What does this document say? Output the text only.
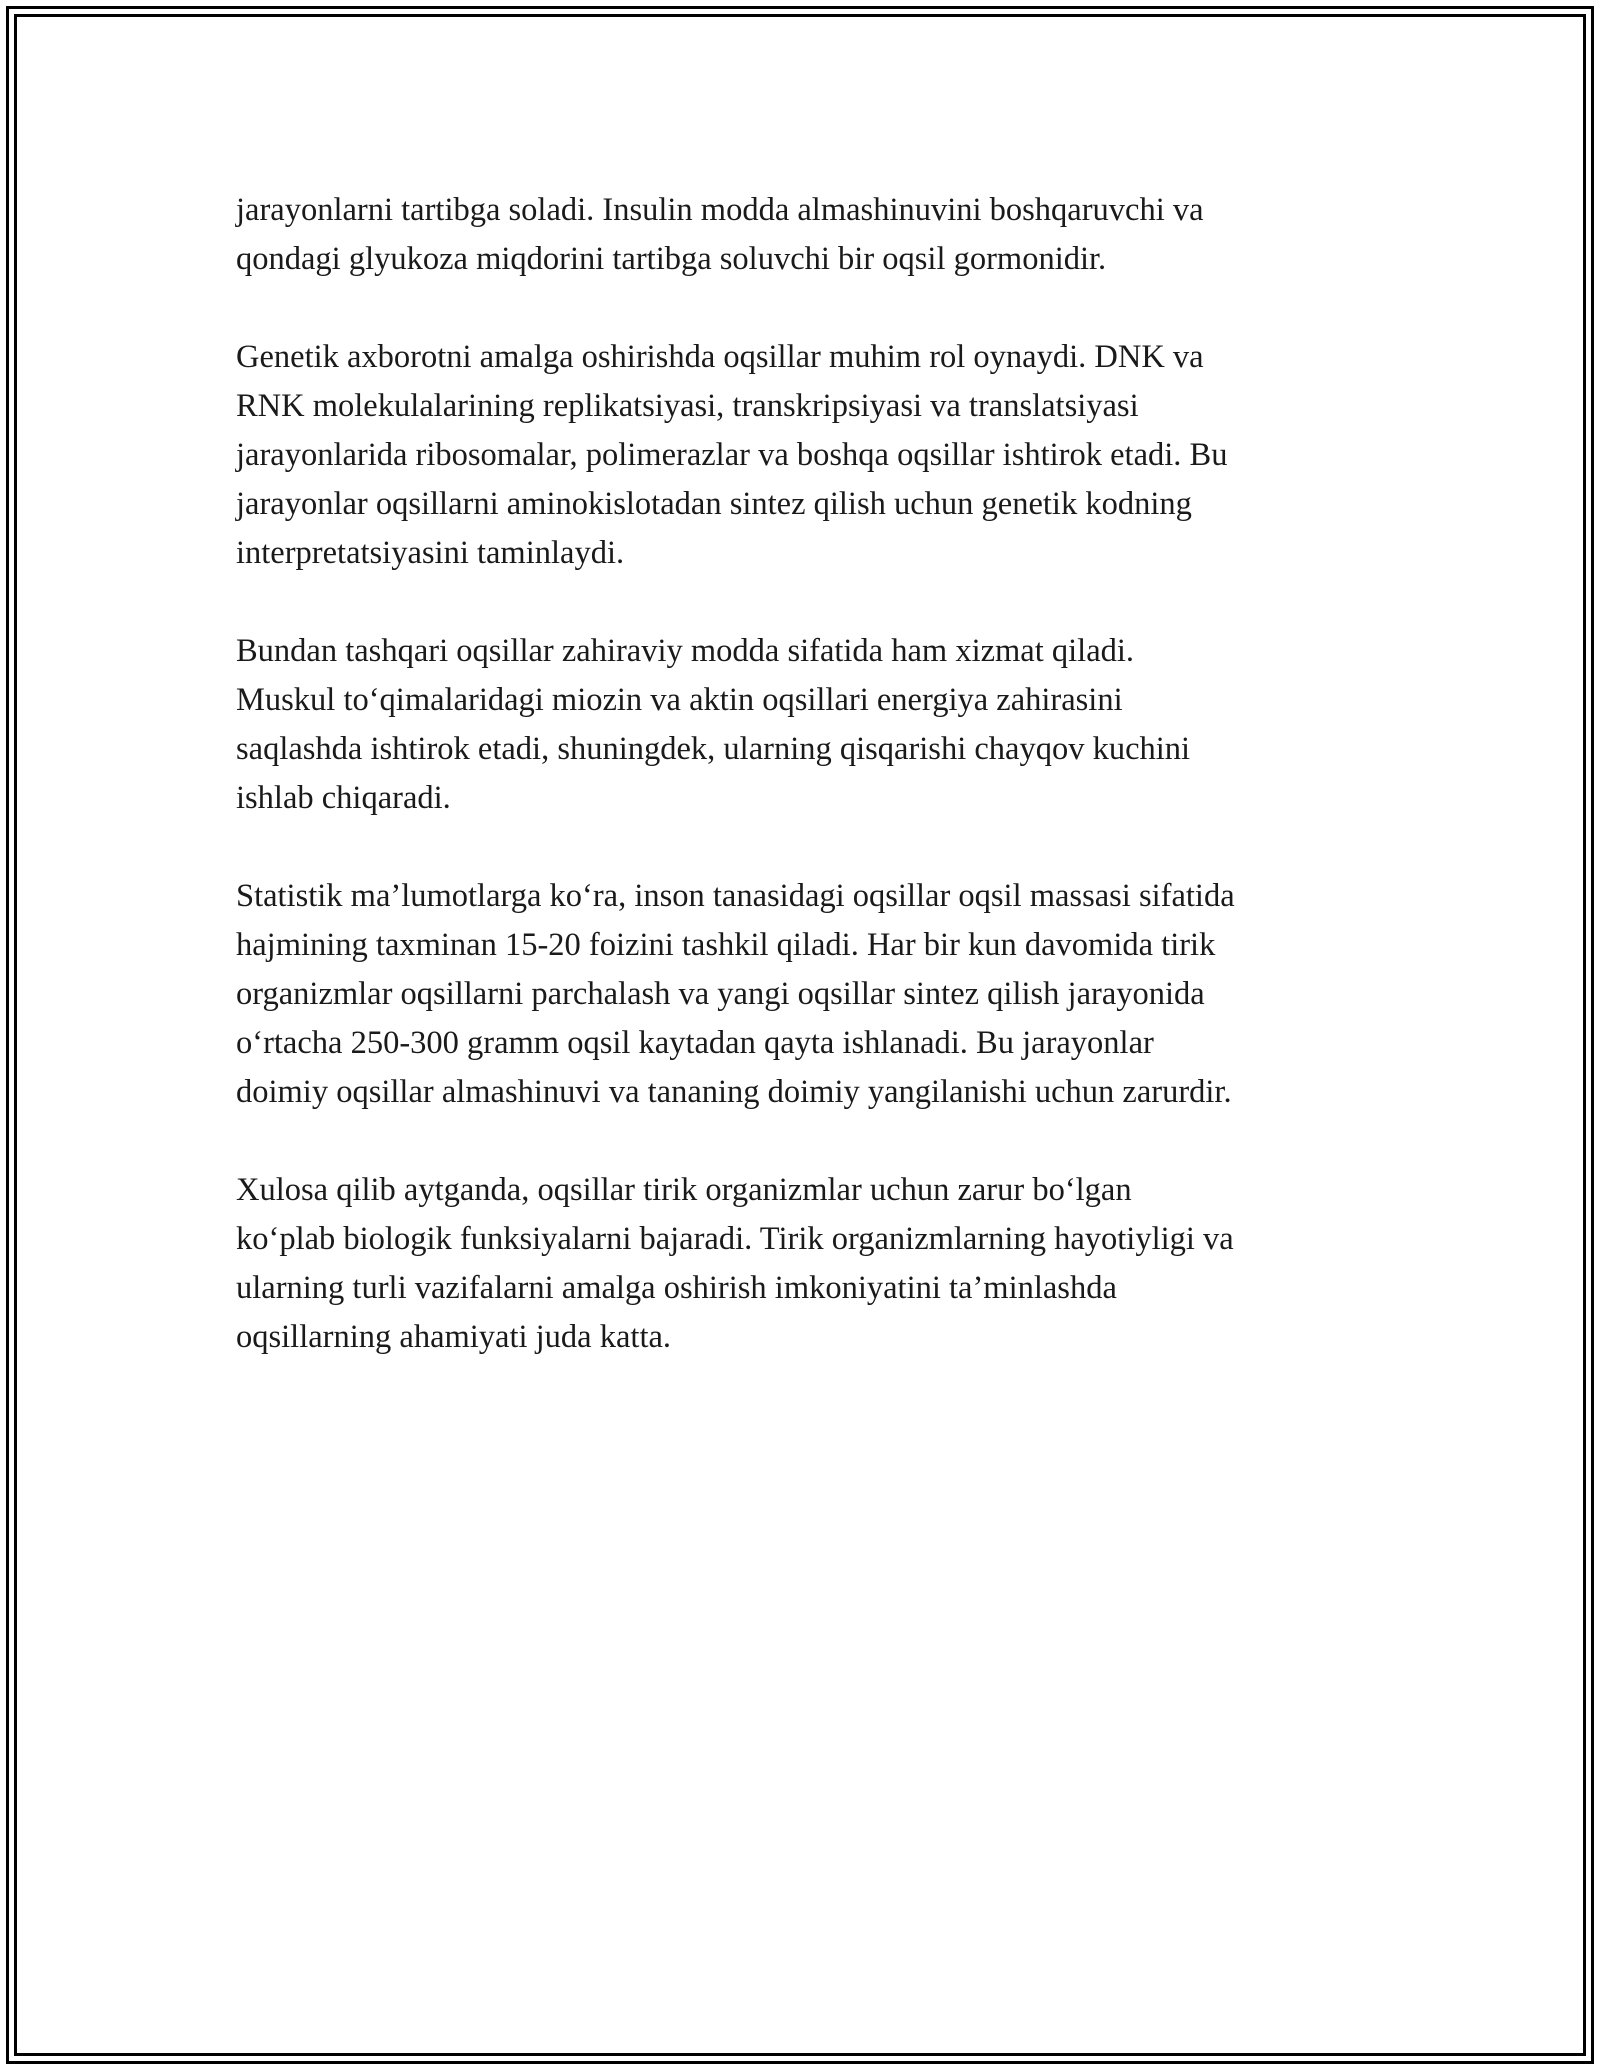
jarayonlarni tartibga soladi. Insulin modda almashinuvini boshqaruvchi va
qondagi glyukoza miqdorini tartibga soluvchi bir oqsil gormonidir.

Genetik axborotni amalga oshirishda oqsillar muhim rol oynaydi. DNK va
RNK molekulalarining replikatsiyasi, transkripsiyasi va translatsiyasi
jarayonlarida ribosomalar, polimerazlar va boshqa oqsillar ishtirok etadi. Bu
jarayonlar oqsillarni aminokislotadan sintez qilish uchun genetik kodning
interpretatsiyasini taminlaydi.

Bundan tashqari oqsillar zahiraviy modda sifatida ham xizmat qiladi.
Muskul to‘qimalaridagi miozin va aktin oqsillari energiya zahirasini
saqlashda ishtirok etadi, shuningdek, ularning qisqarishi chayqov kuchini
ishlab chiqaradi.

Statistik ma’lumotlarga ko‘ra, inson tanasidagi oqsillar oqsil massasi sifatida
hajmining taxminan 15-20 foizini tashkil qiladi. Har bir kun davomida tirik
organizmlar oqsillarni parchalash va yangi oqsillar sintez qilish jarayonida
o‘rtacha 250-300 gramm oqsil kaytadan qayta ishlanadi. Bu jarayonlar
doimiy oqsillar almashinuvi va tananing doimiy yangilanishi uchun zarurdir.

Xulosa qilib aytganda, oqsillar tirik organizmlar uchun zarur bo‘lgan
ko‘plab biologik funksiyalarni bajaradi. Tirik organizmlarning hayotiyligi va
ularning turli vazifalarni amalga oshirish imkoniyatini ta’minlashda
oqsillarning ahamiyati juda katta.
